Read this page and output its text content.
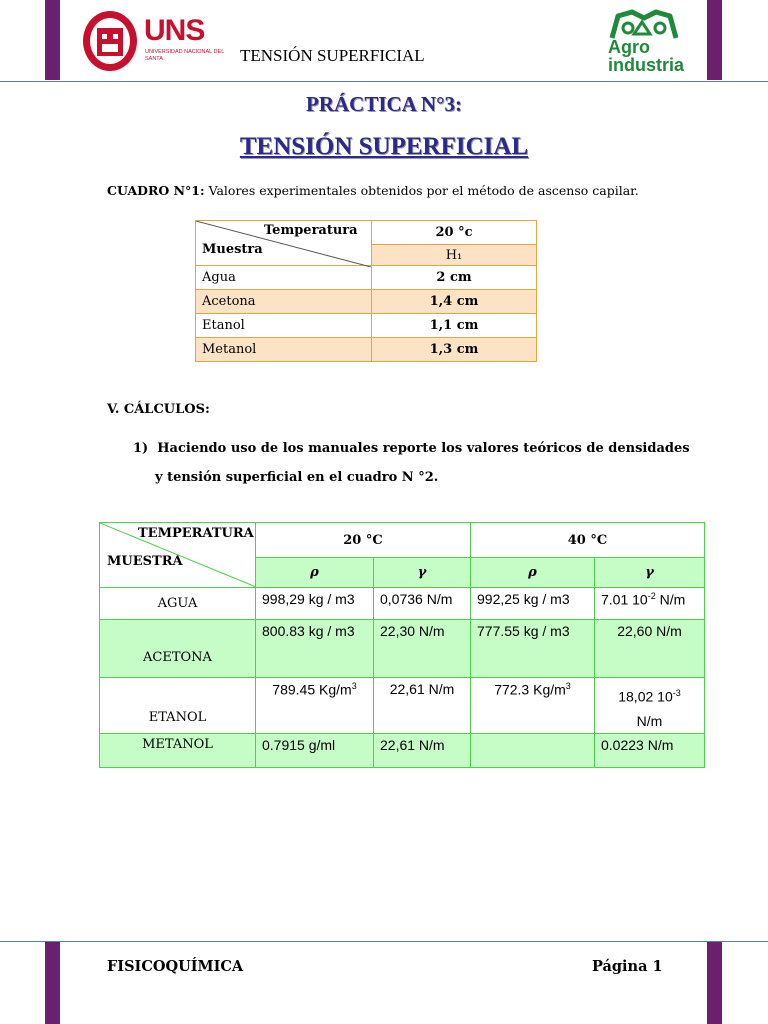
UNS
UNIVERSIDAD NACIONAL DEL SANTA	TENSIÓN SUPERFICIAL	Agro
industria
PRÁCTICA N°3:
TENSIÓN SUPERFICIAL
CUADRO N°1: Valores experimentales obtenidos por el método de ascenso capilar.
Temperatura
Muestra	20 °c
	H₁
Agua	2 cm
Acetona	1,4 cm
Etanol	1,1 cm
Metanol	1,3 cm
V. CÁLCULOS:
1) Haciendo uso de los manuales reporte los valores teóricos de densidades
y tensión superficial en el cuadro N °2.
TEMPERATURA
MUESTRA	20 °C		40 °C	
	ρ	γ	ρ	γ
AGUA	998,29 kg / m3	0,0736 N/m	992,25 kg / m3	7.01 $10^{-2}$ N/m
ACETONA	800.83 kg / m3	22,30 N/m	777.55 kg / m3	22,60 N/m
ETANOL	789.45 $Kg/m^3$	22,61 N/m	772.3 $Kg/m^3$	18,02 $10^{-3}$
N/m
METANOL	0.7915 g/ml	22,61 N/m		0.0223 N/m
FISICOQUÍMICA	Página 1
